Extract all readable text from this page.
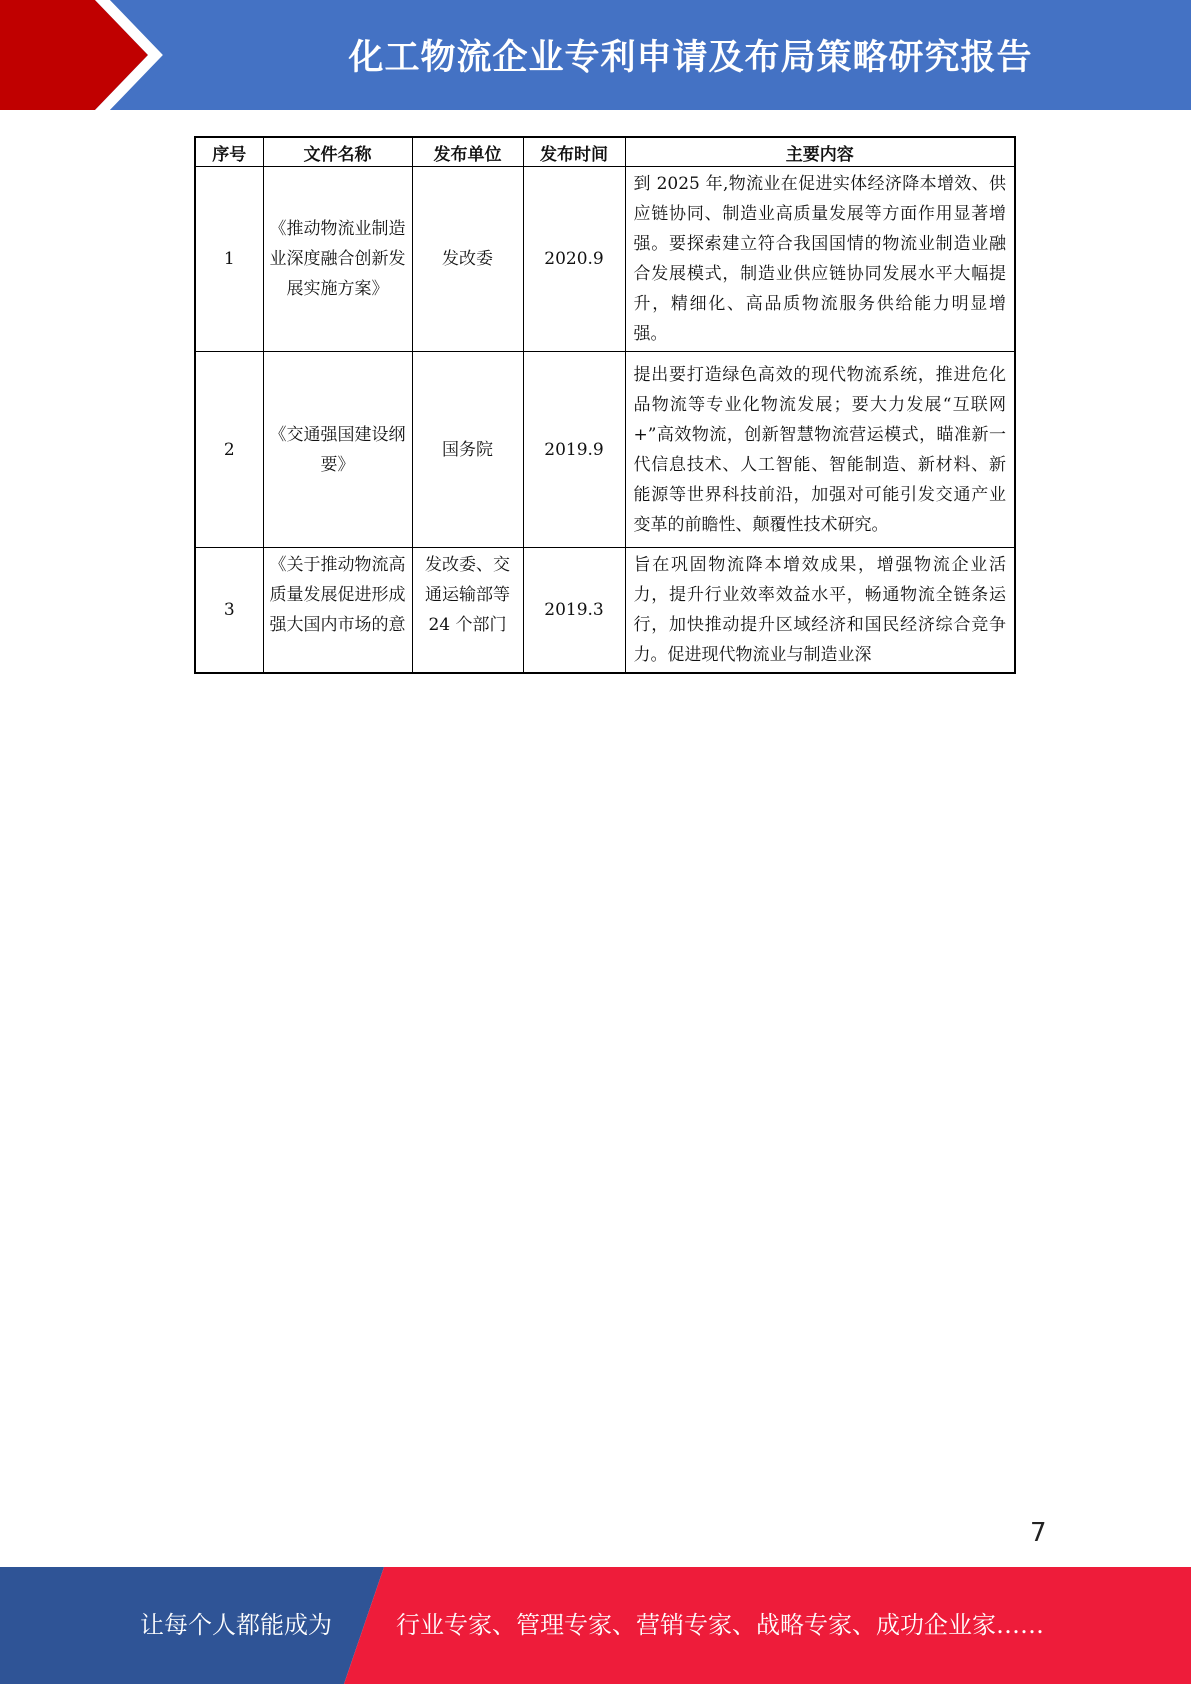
化工物流企业专利申请及布局策略研究报告
序号	文件名称	发布单位	发布时间	主要内容
1	《推动物流业制造业深度融合创新发展实施方案》	发改委	2020.9	到 2025 年,物流业在促进实体经济降本增效、供应链协同、制造业高质量发展等方面作用显著增强。要探索建立符合我国国情的物流业制造业融合发展模式，制造业供应链协同发展水平大幅提升，精细化、高品质物流服务供给能力明显增强。
2	《交通强国建设纲要》	国务院	2019.9	提出要打造绿色高效的现代物流系统，推进危化品物流等专业化物流发展；要大力发展“互联网+”高效物流，创新智慧物流营运模式，瞄准新一代信息技术、人工智能、智能制造、新材料、新能源等世界科技前沿，加强对可能引发交通产业变革的前瞻性、颠覆性技术研究。
3	《关于推动物流高质量发展促进形成强大国内市场的意	发改委、交通运输部等 24 个部门	2019.3	旨在巩固物流降本增效成果，增强物流企业活力，提升行业效率效益水平，畅通物流全链条运行，加快推动提升区域经济和国民经济综合竞争力。促进现代物流业与制造业深
7
让每个人都能成为	行业专家、管理专家、营销专家、战略专家、成功企业家……
